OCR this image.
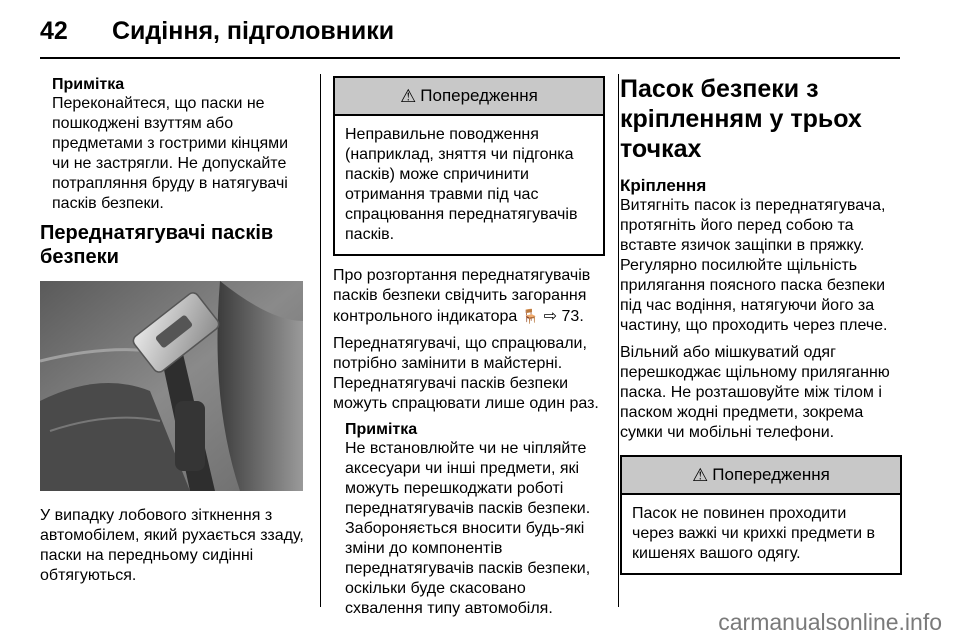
42	Сидіння, підголовники
Примітка
Переконайтеся, що паски не пошкоджені взуттям або предметами з гострими кінцями чи не застрягли. Не допускайте потрапляння бруду в натягувачі пасків безпеки.
Переднатягувачі пасків безпеки

У випадку лобового зіткнення з автомобілем, який рухається ззаду, паски на передньому сидінні обтягуються.

⚠ Попередження
Неправильне поводження (наприклад, зняття чи підгонка пасків) може спричинити отримання травми під час спрацювання переднатягувачів пасків.

Про розгортання переднатягувачів пасків безпеки свідчить загорання контрольного індикатора 🪑 ⇨ 73.

Переднатягувачі, що спрацювали, потрібно замінити в майстерні. Переднатягувачі пасків безпеки можуть спрацювати лише один раз.

Примітка
Не встановлюйте чи не чіпляйте аксесуари чи інші предмети, які можуть перешкоджати роботі переднатягувачів пасків безпеки. Забороняється вносити будь-які зміни до компонентів переднатягувачів пасків безпеки, оскільки буде скасовано схвалення типу автомобіля.
Пасок безпеки з кріпленням у трьох точках
Кріплення

Витягніть пасок із переднатягувача, протягніть його перед собою та вставте язичок защіпки в пряжку. Регулярно посилюйте щільність прилягання поясного паска безпеки під час водіння, натягуючи його за частину, що проходить через плече.

Вільний або мішкуватий одяг перешкоджає щільному приляганню паска. Не розташовуйте між тілом і паском жодні предмети, зокрема сумки чи мобільні телефони.

⚠ Попередження
Пасок не повинен проходити через важкі чи крихкі предмети в кишенях вашого одягу.
carmanualsonline.info
